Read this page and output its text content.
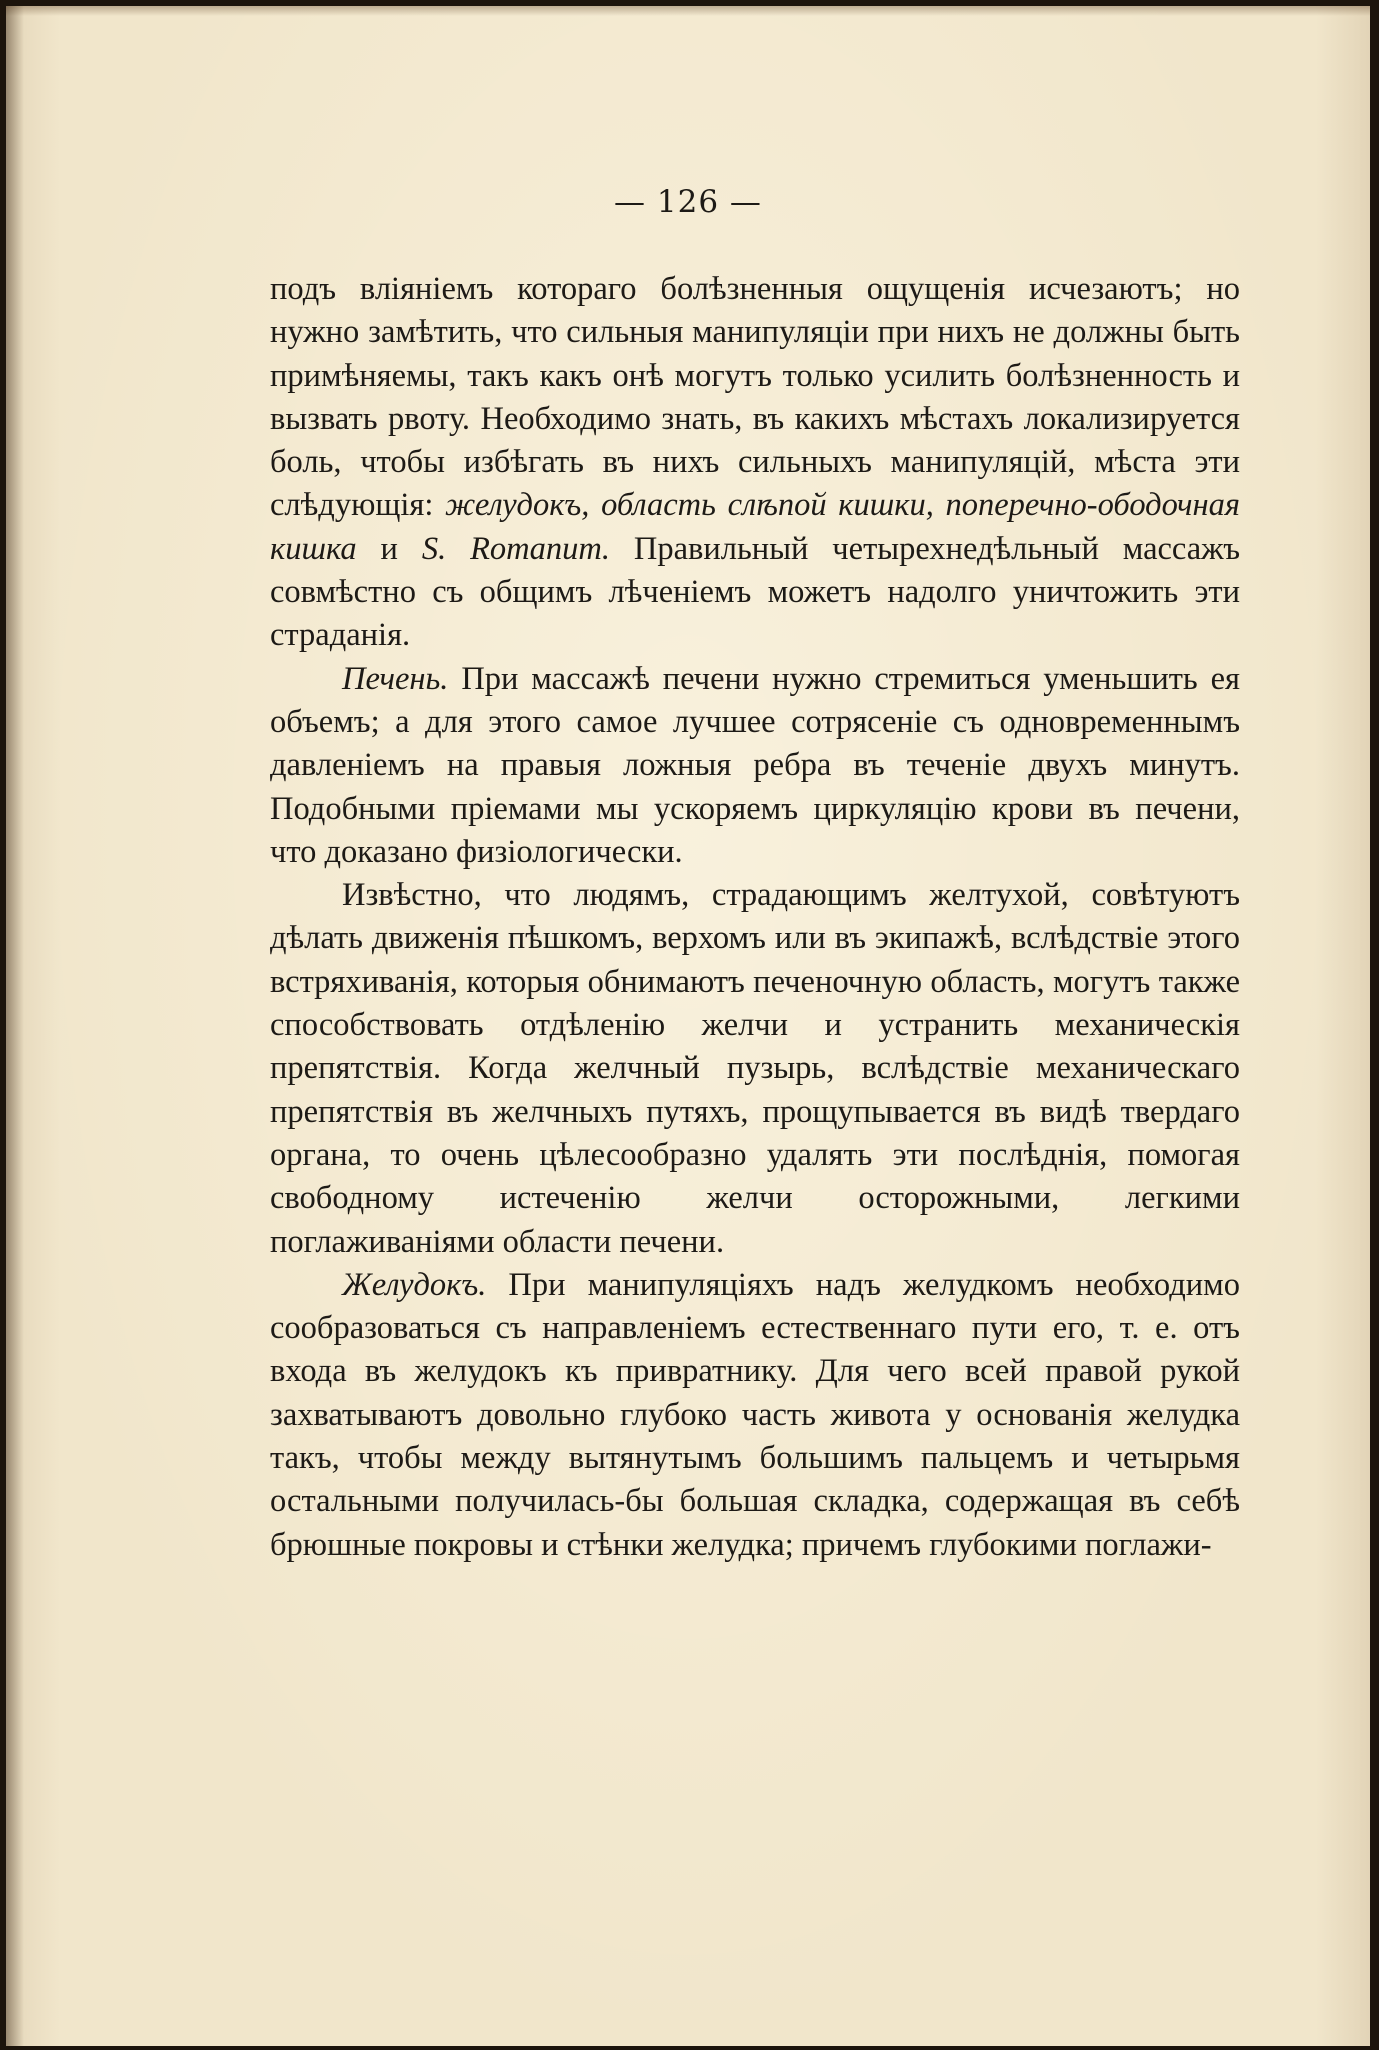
— 126 —

подъ вліяніемъ котораго болѣзненныя ощущенія исчезаютъ; но нужно замѣтить, что сильныя манипуляціи при нихъ не должны быть примѣняемы, такъ какъ онѣ могутъ только усилить болѣзненность и вызвать рвоту. Необходимо знать, въ какихъ мѣстахъ локализируется боль, чтобы избѣгать въ нихъ сильныхъ манипуляцій, мѣста эти слѣдующія: желудокъ, область слѣпой кишки, поперечно-ободочная кишка и S. Romanum. Правильный четырехнедѣльный массажъ совмѣстно съ общимъ лѣченіемъ можетъ надолго уничтожить эти страданія.

Печень. При массажѣ печени нужно стремиться уменьшить ея объемъ; а для этого самое лучшее сотрясеніе съ одновременнымъ давленіемъ на правыя ложныя ребра въ теченіе двухъ минутъ. Подобными пріемами мы ускоряемъ циркуляцію крови въ печени, что доказано физіологически.

Извѣстно, что людямъ, страдающимъ желтухой, совѣтуютъ дѣлать движенія пѣшкомъ, верхомъ или въ экипажѣ, вслѣдствіе этого встряхиванія, которыя обнимаютъ печеночную область, могутъ также способствовать отдѣленію желчи и устранить механическія препятствія. Когда желчный пузырь, вслѣдствіе механическаго препятствія въ желчныхъ путяхъ, прощупывается въ видѣ твердаго органа, то очень цѣлесообразно удалять эти послѣднія, помогая свободному истеченію желчи осторожными, легкими поглаживаніями области печени.

Желудокъ. При манипуляціяхъ надъ желудкомъ необходимо сообразоваться съ направленіемъ естественнаго пути его, т. е. отъ входа въ желудокъ къ привратнику. Для чего всей правой рукой захватываютъ довольно глубоко часть живота у основанія желудка такъ, чтобы между вытянутымъ большимъ пальцемъ и четырьмя остальными получилась-бы большая складка, содержащая въ себѣ брюшные покровы и стѣнки желудка; причемъ глубокими поглажи-
